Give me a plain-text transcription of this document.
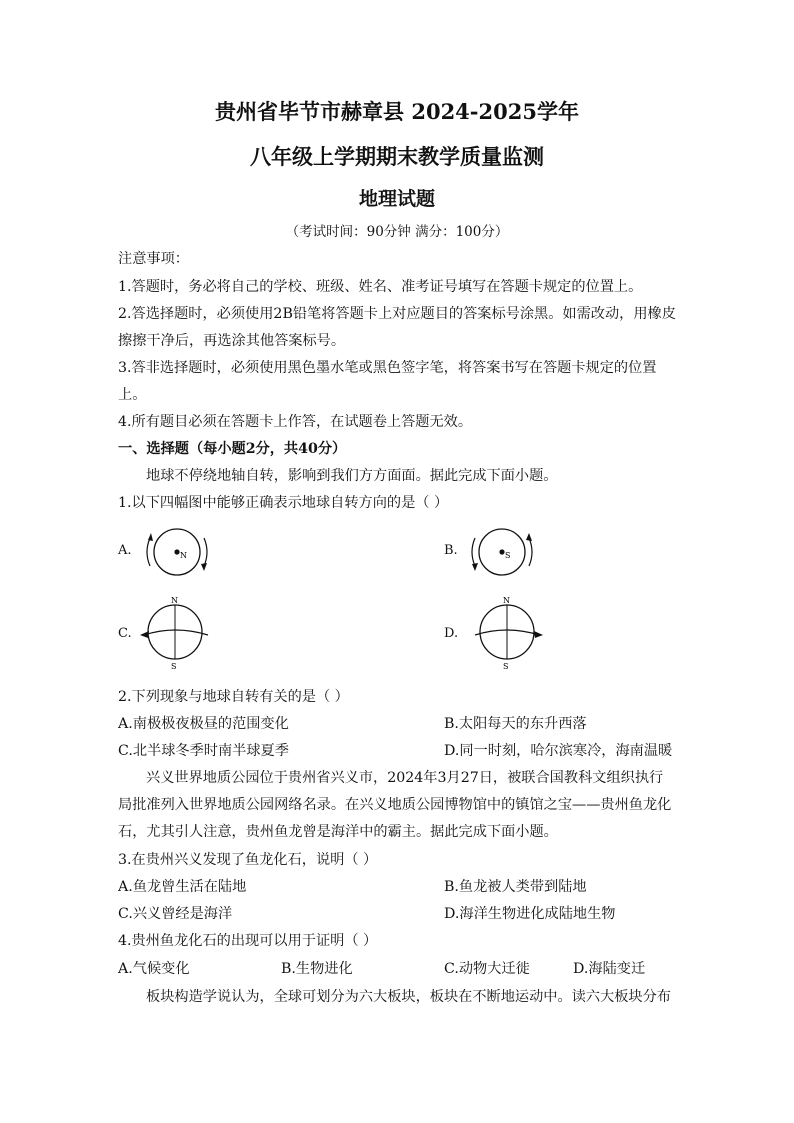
贵州省毕节市赫章县 2024-2025学年
八年级上学期期末教学质量监测
地理试题
（考试时间：90分钟 满分：100分）
注意事项：
1.答题时，务必将自己的学校、班级、姓名、准考证号填写在答题卡规定的位置上。
2.答选择题时，必须使用2B铅笔将答题卡上对应题目的答案标号涂黑。如需改动，用橡皮
擦擦干净后，再选涂其他答案标号。
3.答非选择题时，必须使用黑色墨水笔或黑色签字笔，将答案书写在答题卡规定的位置
上。
4.所有题目必须在答题卡上作答，在试题卷上答题无效。
一、选择题（每小题2分，共40分）
地球不停绕地轴自转，影响到我们方方面面。据此完成下面小题。
1.以下四幅图中能够正确表示地球自转方向的是（ ）
A.	N	B.	S
C.
N
S
D.
N
S
2.下列现象与地球自转有关的是（ ）
A.南极极夜极昼的范围变化	B.太阳每天的东升西落
C.北半球冬季时南半球夏季	D.同一时刻，哈尔滨寒冷，海南温暖
兴义世界地质公园位于贵州省兴义市，2024年3月27日，被联合国教科文组织执行
局批准列入世界地质公园网络名录。在兴义地质公园博物馆中的镇馆之宝——贵州鱼龙化
石，尤其引人注意，贵州鱼龙曾是海洋中的霸主。据此完成下面小题。
3.在贵州兴义发现了鱼龙化石，说明（ ）
A.鱼龙曾生活在陆地	B.鱼龙被人类带到陆地
C.兴义曾经是海洋	D.海洋生物进化成陆地生物
4.贵州鱼龙化石的出现可以用于证明（ ）
A.气候变化	B.生物进化	C.动物大迁徙	D.海陆变迁
板块构造学说认为，全球可划分为六大板块，板块在不断地运动中。读六大板块分布
